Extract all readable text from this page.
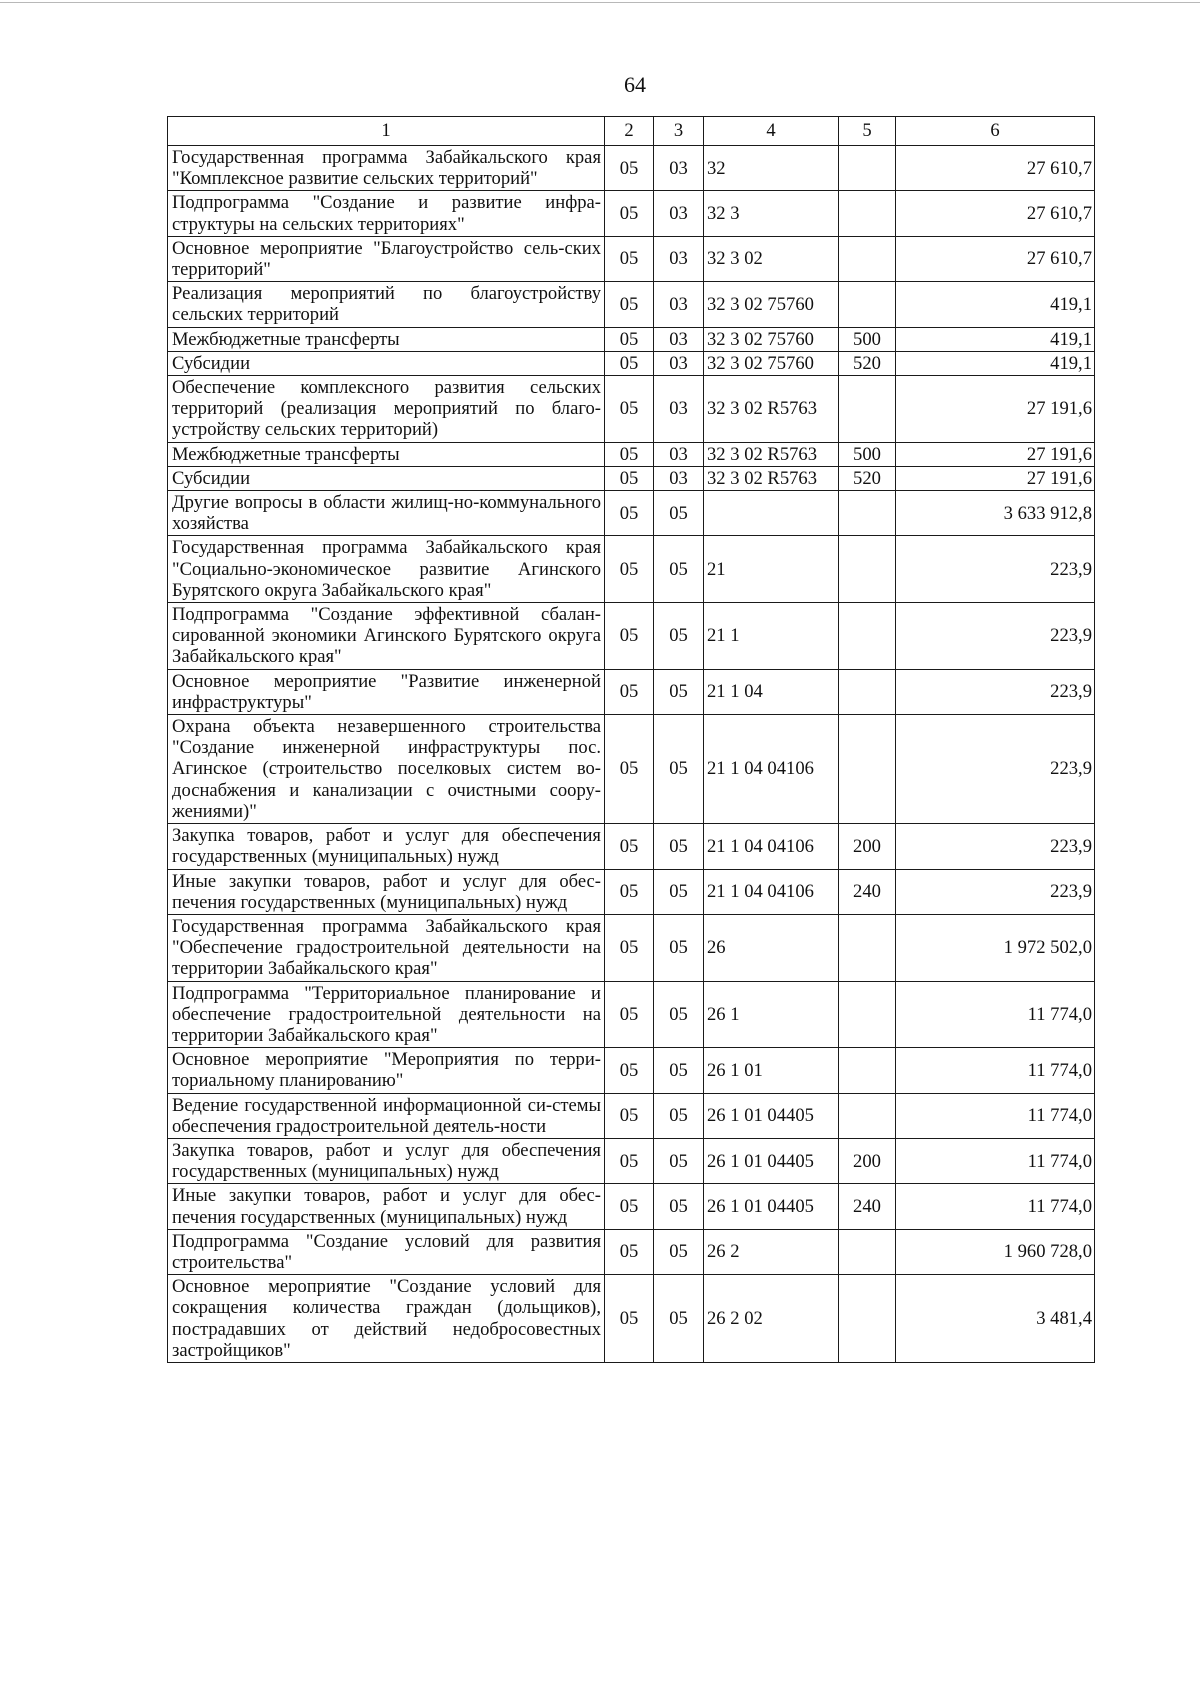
64
1	2	3	4	5	6
Государственная программа Забайкальского края "Комплексное развитие сельских территорий"	05	03	32		27 610,7
Подпрограмма "Создание и развитие инфра-структуры на сельских территориях"	05	03	32 3		27 610,7
Основное мероприятие "Благоустройство сель-ских территорий"	05	03	32 3 02		27 610,7
Реализация мероприятий по благоустройству сельских территорий	05	03	32 3 02 75760		419,1
Межбюджетные трансферты	05	03	32 3 02 75760	500	419,1
Субсидии	05	03	32 3 02 75760	520	419,1
Обеспечение комплексного развития сельских территорий (реализация мероприятий по благо-устройству сельских территорий)	05	03	32 3 02 R5763		27 191,6
Межбюджетные трансферты	05	03	32 3 02 R5763	500	27 191,6
Субсидии	05	03	32 3 02 R5763	520	27 191,6
Другие вопросы в области жилищ-но-коммунального хозяйства	05	05			3 633 912,8
Государственная программа Забайкальского края "Социально-экономическое развитие Агинского Бурятского округа Забайкальского края"	05	05	21		223,9
Подпрограмма "Создание эффективной сбалан-сированной экономики Агинского Бурятского округа Забайкальского края"	05	05	21 1		223,9
Основное мероприятие "Развитие инженерной инфраструктуры"	05	05	21 1 04		223,9
Охрана объекта незавершенного строительства "Создание инженерной инфраструктуры пос. Агинское (строительство поселковых систем во-доснабжения и канализации с очистными соору-жениями)"	05	05	21 1 04 04106		223,9
Закупка товаров, работ и услуг для обеспечения государственных (муниципальных) нужд	05	05	21 1 04 04106	200	223,9
Иные закупки товаров, работ и услуг для обес-печения государственных (муниципальных) нужд	05	05	21 1 04 04106	240	223,9
Государственная программа Забайкальского края "Обеспечение градостроительной деятельности на территории Забайкальского края"	05	05	26		1 972 502,0
Подпрограмма "Территориальное планирование и обеспечение градостроительной деятельности на территории Забайкальского края"	05	05	26 1		11 774,0
Основное мероприятие "Мероприятия по терри-ториальному планированию"	05	05	26 1 01		11 774,0
Ведение государственной информационной си-стемы обеспечения градостроительной деятель-ности	05	05	26 1 01 04405		11 774,0
Закупка товаров, работ и услуг для обеспечения государственных (муниципальных) нужд	05	05	26 1 01 04405	200	11 774,0
Иные закупки товаров, работ и услуг для обес-печения государственных (муниципальных) нужд	05	05	26 1 01 04405	240	11 774,0
Подпрограмма "Создание условий для развития строительства"	05	05	26 2		1 960 728,0
Основное мероприятие "Создание условий для сокращения количества граждан (дольщиков), пострадавших от действий недобросовестных застройщиков"	05	05	26 2 02		3 481,4
